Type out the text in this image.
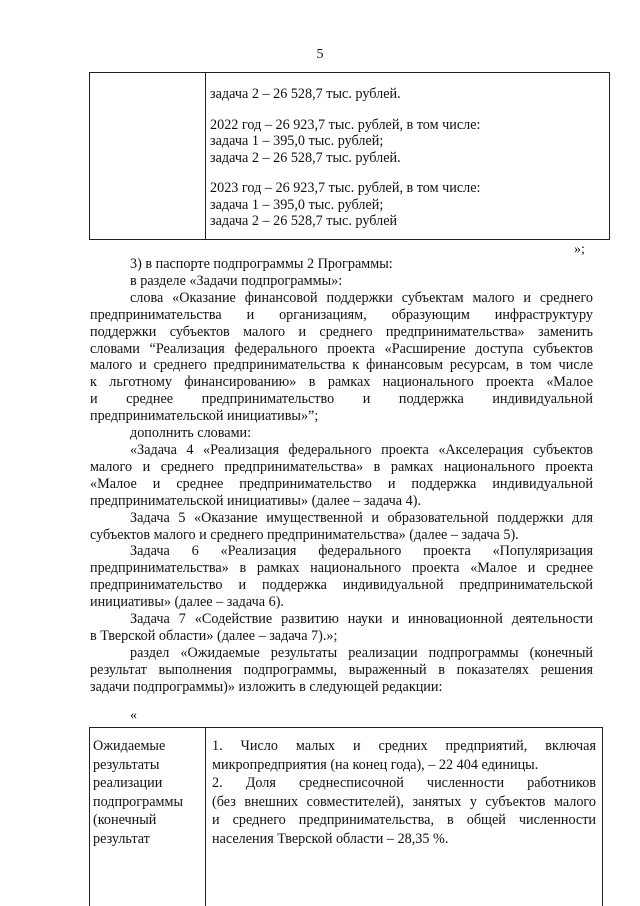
5
задача 2 – 26 528,7 тыс. рублей.
2022 год – 26 923,7 тыс. рублей, в том числе:
задача 1 – 395,0 тыс. рублей;
задача 2 – 26 528,7 тыс. рублей.
2023 год – 26 923,7 тыс. рублей, в том числе:
задача 1 – 395,0 тыс. рублей;
задача 2 – 26 528,7 тыс. рублей
»;
3) в паспорте подпрограммы 2 Программы:
в разделе «Задачи подпрограммы»:
слова «Оказание финансовой поддержки субъектам малого и среднего
предпринимательства и организациям, образующим инфраструктуру
поддержки субъектов малого и среднего предпринимательства» заменить
словами “Реализация федерального проекта «Расширение доступа субъектов
малого и среднего предпринимательства к финансовым ресурсам, в том числе
к льготному финансированию» в рамках национального проекта «Малое
и среднее предпринимательство и поддержка индивидуальной
предпринимательской инициативы»”;
дополнить словами:
«Задача 4 «Реализация федерального проекта «Акселерация субъектов
малого и среднего предпринимательства» в рамках национального проекта
«Малое и среднее предпринимательство и поддержка индивидуальной
предпринимательской инициативы» (далее – задача 4).
Задача 5 «Оказание имущественной и образовательной поддержки для
субъектов малого и среднего предпринимательства» (далее – задача 5).
Задача 6 «Реализация федерального проекта «Популяризация
предпринимательства» в рамках национального проекта «Малое и среднее
предпринимательство и поддержка индивидуальной предпринимательской
инициативы» (далее – задача 6).
Задача 7 «Содействие развитию науки и инновационной деятельности
в Тверской области» (далее – задача 7).»;
раздел «Ожидаемые результаты реализации подпрограммы (конечный
результат выполнения подпрограммы, выраженный в показателях решения
задачи подпрограммы)» изложить в следующей редакции:
«
Ожидаемые
результаты
реализации
подпрограммы
(конечный
результат
1. Число малых и средних предприятий, включая
микропредприятия (на конец года), – 22 404 единицы.
2. Доля среднесписочной численности работников
(без внешних совместителей), занятых у субъектов малого
и среднего предпринимательства, в общей численности
населения Тверской области – 28,35 %.
